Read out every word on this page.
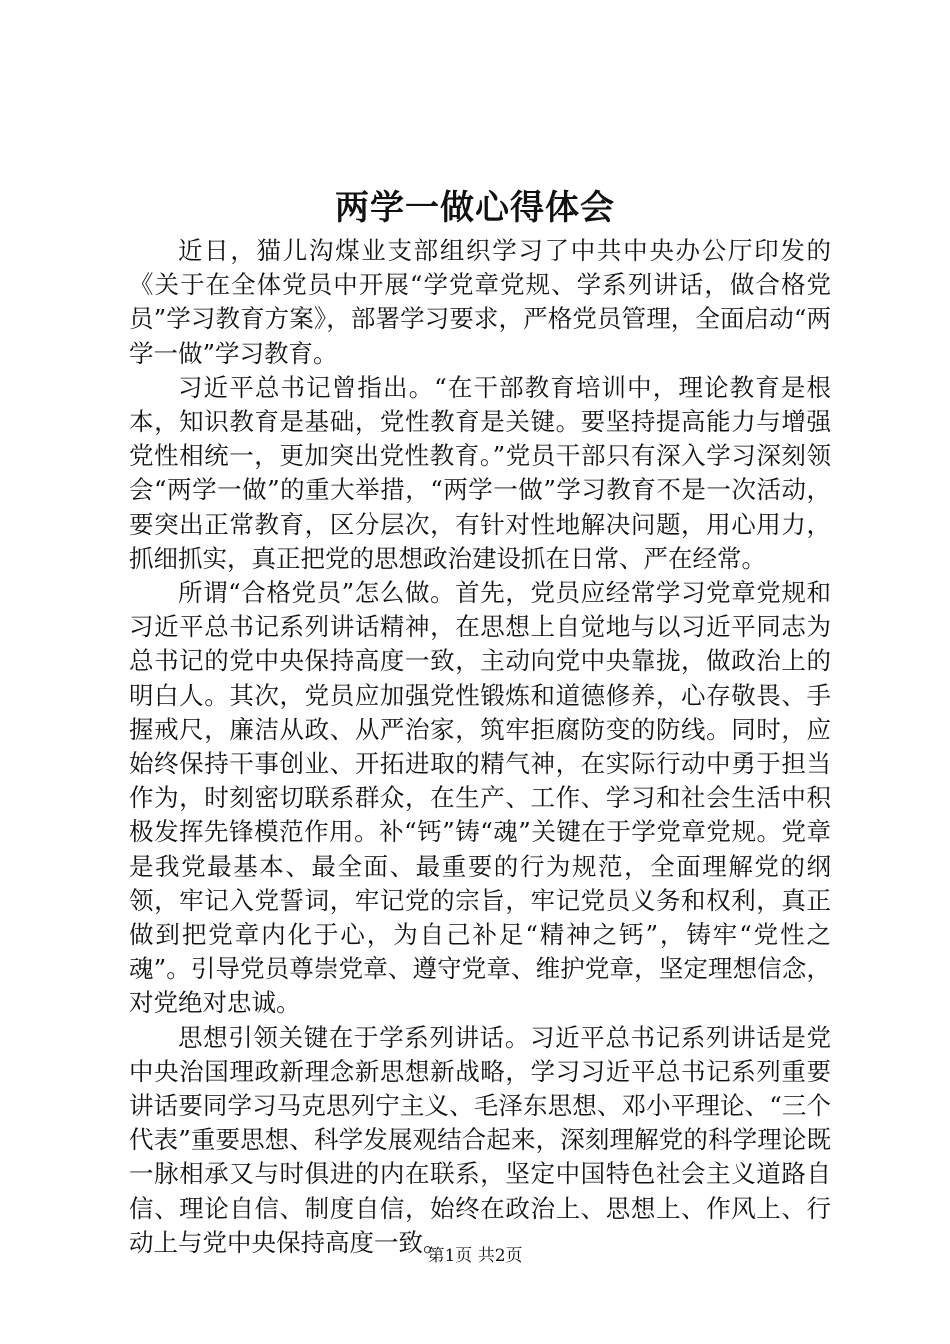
两学一做心得体会

近日，猫儿沟煤业支部组织学习了中共中央办公厅印发的《关于在全体党员中开展“学党章党规、学系列讲话，做合格党员”学习教育方案》，部署学习要求，严格党员管理，全面启动“两学一做”学习教育。

习近平总书记曾指出。“在干部教育培训中，理论教育是根本，知识教育是基础，党性教育是关键。要坚持提高能力与增强党性相统一，更加突出党性教育。”党员干部只有深入学习深刻领会“两学一做”的重大举措，“两学一做”学习教育不是一次活动，要突出正常教育，区分层次，有针对性地解决问题，用心用力，抓细抓实，真正把党的思想政治建设抓在日常、严在经常。

所谓“合格党员”怎么做。首先，党员应经常学习党章党规和习近平总书记系列讲话精神，在思想上自觉地与以习近平同志为总书记的党中央保持高度一致，主动向党中央靠拢，做政治上的明白人。其次，党员应加强党性锻炼和道德修养，心存敬畏、手握戒尺，廉洁从政、从严治家，筑牢拒腐防变的防线。同时，应始终保持干事创业、开拓进取的精气神，在实际行动中勇于担当作为，时刻密切联系群众，在生产、工作、学习和社会生活中积极发挥先锋模范作用。补“钙”铸“魂”关键在于学党章党规。党章是我党最基本、最全面、最重要的行为规范，全面理解党的纲领，牢记入党誓词，牢记党的宗旨，牢记党员义务和权利，真正做到把党章内化于心，为自己补足“精神之钙”，铸牢“党性之魂”。引导党员尊崇党章、遵守党章、维护党章，坚定理想信念，对党绝对忠诚。

思想引领关键在于学系列讲话。习近平总书记系列讲话是党中央治国理政新理念新思想新战略，学习习近平总书记系列重要讲话要同学习马克思列宁主义、毛泽东思想、邓小平理论、“三个代表”重要思想、科学发展观结合起来，深刻理解党的科学理论既一脉相承又与时俱进的内在联系，坚定中国特色社会主义道路自信、理论自信、制度自信，始终在政治上、思想上、作风上、行动上与党中央保持高度一致。

第1页 共2页
